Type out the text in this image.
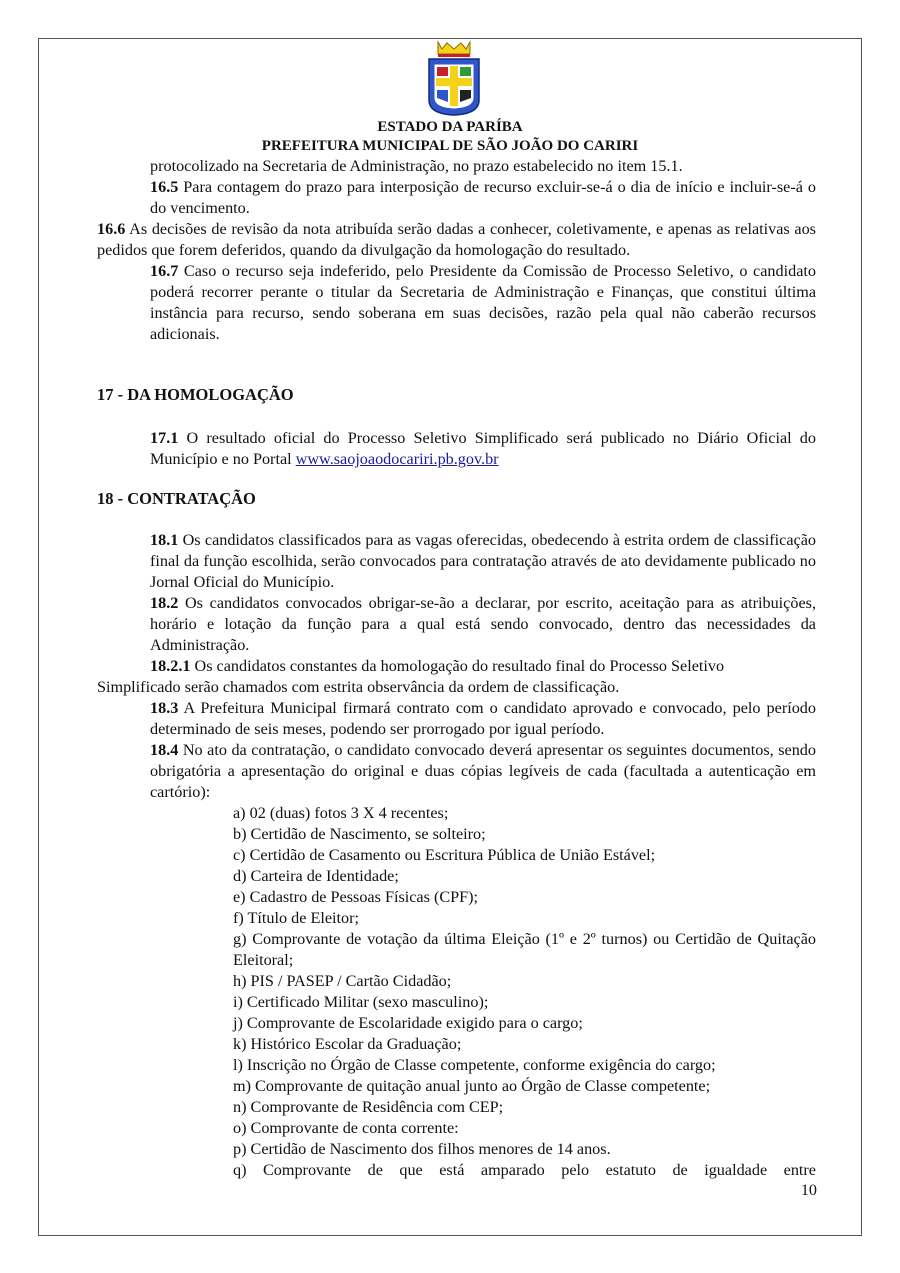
ESTADO DA PARÍBA
PREFEITURA MUNICIPAL DE SÃO JOÃO DO CARIRI

protocolizado na Secretaria de Administração, no prazo estabelecido no item 15.1.

16.5 Para contagem do prazo para interposição de recurso excluir-se-á o dia de início e incluir-se-á o do vencimento.

16.6 As decisões de revisão da nota atribuída serão dadas a conhecer, coletivamente, e apenas as relativas aos pedidos que forem deferidos, quando da divulgação da homologação do resultado.

16.7 Caso o recurso seja indeferido, pelo Presidente da Comissão de Processo Seletivo, o candidato poderá recorrer perante o titular da Secretaria de Administração e Finanças, que constitui última instância para recurso, sendo soberana em suas decisões, razão pela qual não caberão recursos adicionais.

17 - DA HOMOLOGAÇÃO

17.1 O resultado oficial do Processo Seletivo Simplificado será publicado no Diário Oficial do Município e no Portal www.saojoaodocariri.pb.gov.br

18 - CONTRATAÇÃO

18.1 Os candidatos classificados para as vagas oferecidas, obedecendo à estrita ordem de classificação final da função escolhida, serão convocados para contratação através de ato devidamente publicado no Jornal Oficial do Município.

18.2 Os candidatos convocados obrigar-se-ão a declarar, por escrito, aceitação para as atribuições, horário e lotação da função para a qual está sendo convocado, dentro das necessidades da Administração.

18.2.1 Os candidatos constantes da homologação do resultado final do Processo Seletivo

Simplificado serão chamados com estrita observância da ordem de classificação.

18.3 A Prefeitura Municipal firmará contrato com o candidato aprovado e convocado, pelo período determinado de seis meses, podendo ser prorrogado por igual período.

18.4 No ato da contratação, o candidato convocado deverá apresentar os seguintes documentos, sendo obrigatória a apresentação do original e duas cópias legíveis de cada (facultada a autenticação em cartório):

a) 02 (duas) fotos 3 X 4 recentes;

b) Certidão de Nascimento, se solteiro;

c) Certidão de Casamento ou Escritura Pública de União Estável;

d) Carteira de Identidade;

e) Cadastro de Pessoas Físicas (CPF);

f) Título de Eleitor;

g) Comprovante de votação da última Eleição (1º e 2º turnos) ou Certidão de Quitação Eleitoral;

h) PIS / PASEP / Cartão Cidadão;

i) Certificado Militar (sexo masculino);

j) Comprovante de Escolaridade exigido para o cargo;

k) Histórico Escolar da Graduação;

l) Inscrição no Órgão de Classe competente, conforme exigência do cargo;

m) Comprovante de quitação anual junto ao Órgão de Classe competente;

n) Comprovante de Residência com CEP;

o) Comprovante de conta corrente:

p) Certidão de Nascimento dos filhos menores de 14 anos.

q) Comprovante de que está amparado pelo estatuto de igualdade entre

10
